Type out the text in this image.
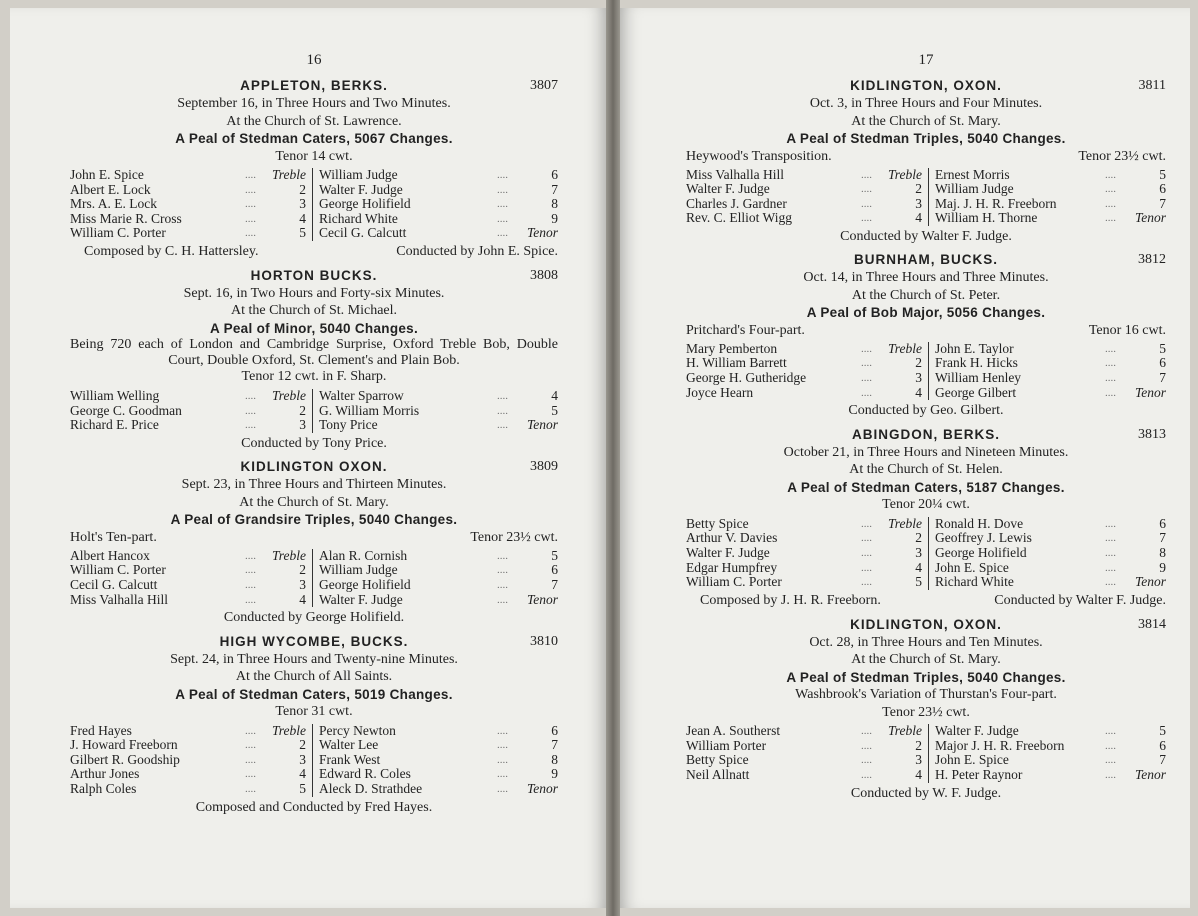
16
APPLETON, BERKS.	3807
September 16, in Three Hours and Two Minutes.
At the Church of St. Lawrence.
A Peal of Stedman Caters, 5067 Changes.
Tenor 14 cwt.
John E. Spice	....	Treble
Albert E. Lock	....	2
Mrs. A. E. Lock	....	3
Miss Marie R. Cross	....	4
William C. Porter	....	5
William Judge	....	6
Walter F. Judge	....	7
George Holifield	....	8
Richard White	....	9
Cecil G. Calcutt	....	Tenor
Composed by C. H. Hattersley.	Conducted by John E. Spice.
HORTON BUCKS.	3808
Sept. 16, in Two Hours and Forty-six Minutes.
At the Church of St. Michael.
A Peal of Minor, 5040 Changes.
Being 720 each of London and Cambridge Surprise, Oxford Treble Bob, Double Court, Double Oxford, St. Clement's and Plain Bob.
Tenor 12 cwt. in F. Sharp.
William Welling	....	Treble
George C. Goodman	....	2
Richard E. Price	....	3
Walter Sparrow	....	4
G. William Morris	....	5
Tony Price	....	Tenor
Conducted by Tony Price.
KIDLINGTON OXON.	3809
Sept. 23, in Three Hours and Thirteen Minutes.
At the Church of St. Mary.
A Peal of Grandsire Triples, 5040 Changes.
Holt's Ten-part.	Tenor 23½ cwt.
Albert Hancox	....	Treble
William C. Porter	....	2
Cecil G. Calcutt	....	3
Miss Valhalla Hill	....	4
Alan R. Cornish	....	5
William Judge	....	6
George Holifield	....	7
Walter F. Judge	....	Tenor
Conducted by George Holifield.
HIGH WYCOMBE, BUCKS.	3810
Sept. 24, in Three Hours and Twenty-nine Minutes.
At the Church of All Saints.
A Peal of Stedman Caters, 5019 Changes.
Tenor 31 cwt.
Fred Hayes	....	Treble
J. Howard Freeborn	....	2
Gilbert R. Goodship	....	3
Arthur Jones	....	4
Ralph Coles	....	5
Percy Newton	....	6
Walter Lee	....	7
Frank West	....	8
Edward R. Coles	....	9
Aleck D. Strathdee	....	Tenor
Composed and Conducted by Fred Hayes.
17
KIDLINGTON, OXON.	3811
Oct. 3, in Three Hours and Four Minutes.
At the Church of St. Mary.
A Peal of Stedman Triples, 5040 Changes.
Heywood's Transposition.	Tenor 23½ cwt.
Miss Valhalla Hill	....	Treble
Walter F. Judge	....	2
Charles J. Gardner	....	3
Rev. C. Elliot Wigg	....	4
Ernest Morris	....	5
William Judge	....	6
Maj. J. H. R. Freeborn	....	7
William H. Thorne	....	Tenor
Conducted by Walter F. Judge.
BURNHAM, BUCKS.	3812
Oct. 14, in Three Hours and Three Minutes.
At the Church of St. Peter.
A Peal of Bob Major, 5056 Changes.
Pritchard's Four-part.	Tenor 16 cwt.
Mary Pemberton	....	Treble
H. William Barrett	....	2
George H. Gutheridge	....	3
Joyce Hearn	....	4
John E. Taylor	....	5
Frank H. Hicks	....	6
William Henley	....	7
George Gilbert	....	Tenor
Conducted by Geo. Gilbert.
ABINGDON, BERKS.	3813
October 21, in Three Hours and Nineteen Minutes.
At the Church of St. Helen.
A Peal of Stedman Caters, 5187 Changes.
Tenor 20¼ cwt.
Betty Spice	....	Treble
Arthur V. Davies	....	2
Walter F. Judge	....	3
Edgar Humpfrey	....	4
William C. Porter	....	5
Ronald H. Dove	....	6
Geoffrey J. Lewis	....	7
George Holifield	....	8
John E. Spice	....	9
Richard White	....	Tenor
Composed by J. H. R. Freeborn.	Conducted by Walter F. Judge.
KIDLINGTON, OXON.	3814
Oct. 28, in Three Hours and Ten Minutes.
At the Church of St. Mary.
A Peal of Stedman Triples, 5040 Changes.
Washbrook's Variation of Thurstan's Four-part.
Tenor 23½ cwt.
Jean A. Southerst	....	Treble
William Porter	....	2
Betty Spice	....	3
Neil Allnatt	....	4
Walter F. Judge	....	5
Major J. H. R. Freeborn	....	6
John E. Spice	....	7
H. Peter Raynor	....	Tenor
Conducted by W. F. Judge.
